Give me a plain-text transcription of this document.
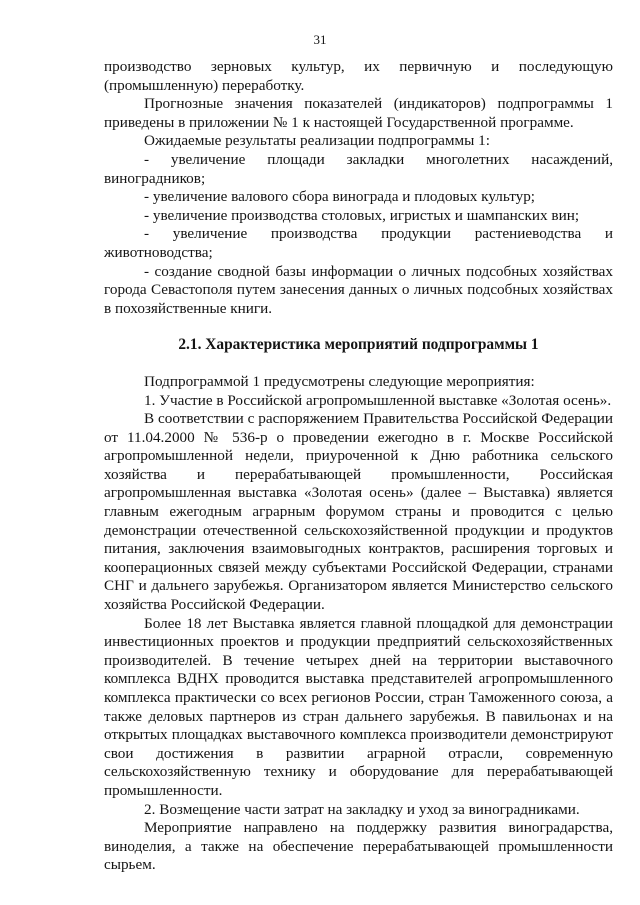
31

производство зерновых культур, их первичную и последующую (промышленную) переработку.

Прогнозные значения показателей (индикаторов) подпрограммы 1 приведены в приложении № 1 к настоящей Государственной программе.

Ожидаемые результаты реализации подпрограммы 1:

- увеличение площади закладки многолетних насаждений, виноградников;

- увеличение валового сбора винограда и плодовых культур;

- увеличение производства столовых, игристых и шампанских вин;

- увеличение производства продукции растениеводства и животноводства;

- создание сводной базы информации о личных подсобных хозяйствах города Севастополя путем занесения данных о личных подсобных хозяйствах в похозяйственные книги.

2.1. Характеристика мероприятий подпрограммы 1

Подпрограммой 1 предусмотрены следующие мероприятия:

1. Участие в Российской агропромышленной выставке «Золотая осень».

В соответствии с распоряжением Правительства Российской Федерации от 11.04.2000 № 536-р о проведении ежегодно в г. Москве Российской агропромышленной недели, приуроченной к Дню работника сельского хозяйства и перерабатывающей промышленности, Российская агропромышленная выставка «Золотая осень» (далее – Выставка) является главным ежегодным аграрным форумом страны и проводится с целью демонстрации отечественной сельскохозяйственной продукции и продуктов питания, заключения взаимовыгодных контрактов, расширения торговых и кооперационных связей между субъектами Российской Федерации, странами СНГ и дальнего зарубежья. Организатором является Министерство сельского хозяйства Российской Федерации.

Более 18 лет Выставка является главной площадкой для демонстрации инвестиционных проектов и продукции предприятий сельскохозяйственных производителей. В течение четырех дней на территории выставочного комплекса ВДНХ проводится выставка представителей агропромышленного комплекса практически со всех регионов России, стран Таможенного союза, а также деловых партнеров из стран дальнего зарубежья. В павильонах и на открытых площадках выставочного комплекса производители демонстрируют свои достижения в развитии аграрной отрасли, современную сельскохозяйственную технику и оборудование для перерабатывающей промышленности.

2. Возмещение части затрат на закладку и уход за виноградниками.

Мероприятие направлено на поддержку развития виноградарства, виноделия, а также на обеспечение перерабатывающей промышленности сырьем.
